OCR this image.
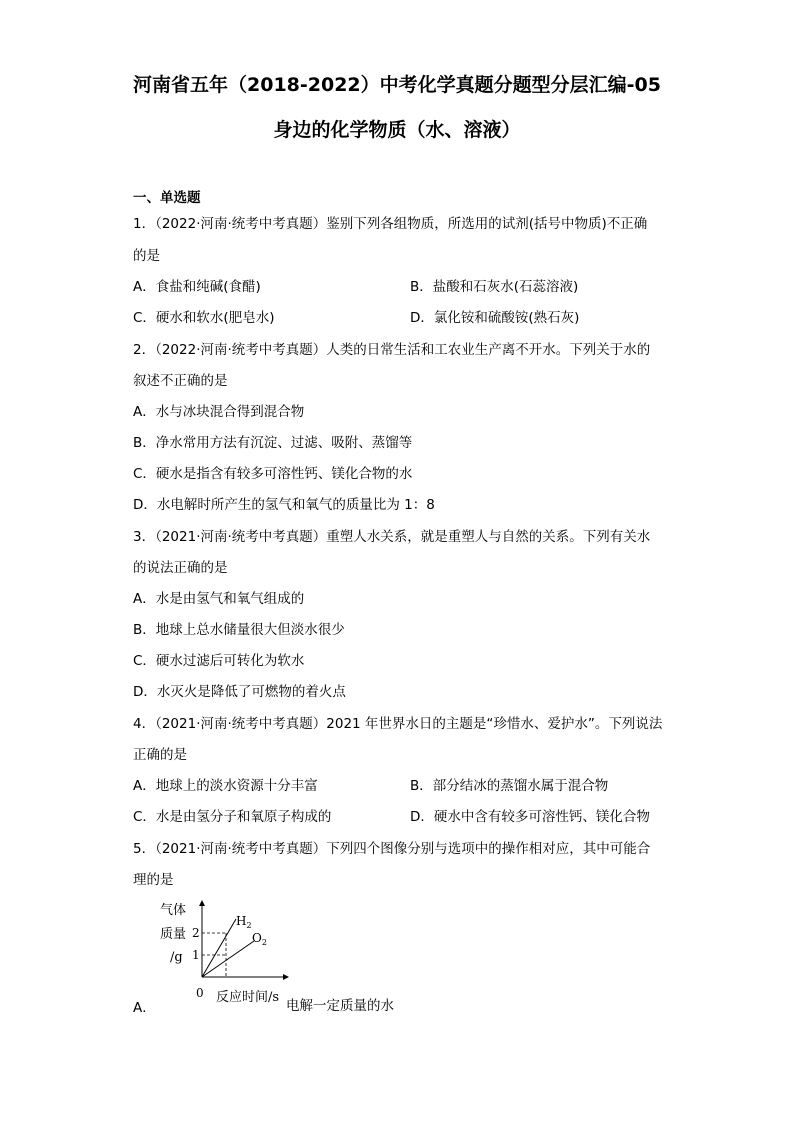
河南省五年（2018-2022）中考化学真题分题型分层汇编-05
身边的化学物质（水、溶液）
一、单选题
1．（2022·河南·统考中考真题）鉴别下列各组物质，所选用的试剂(括号中物质)不正确
的是
A．食盐和纯碱(食醋)	B．盐酸和石灰水(石蕊溶液)
C．硬水和软水(肥皂水)	D．氯化铵和硫酸铵(熟石灰)
2．（2022·河南·统考中考真题）人类的日常生活和工农业生产离不开水。下列关于水的
叙述不正确的是
A．水与冰块混合得到混合物
B．净水常用方法有沉淀、过滤、吸附、蒸馏等
C．硬水是指含有较多可溶性钙、镁化合物的水
D．水电解时所产生的氢气和氧气的质量比为 1：8
3．（2021·河南·统考中考真题）重塑人水关系，就是重塑人与自然的关系。下列有关水
的说法正确的是
A．水是由氢气和氧气组成的
B．地球上总水储量很大但淡水很少
C．硬水过滤后可转化为软水
D．水灭火是降低了可燃物的着火点
4．（2021·河南·统考中考真题）2021 年世界水日的主题是“珍惜水、爱护水”。下列说法
正确的是
A．地球上的淡水资源十分丰富	B．部分结冰的蒸馏水属于混合物
C．水是由氢分子和氧原子构成的	D．硬水中含有较多可溶性钙、镁化合物
5．（2021·河南·统考中考真题）下列四个图像分别与选项中的操作相对应，其中可能合
理的是
气体
质量
/g
2
1
0 反应时间/s
$H_2$
$O_2$
A．	电解一定质量的水
